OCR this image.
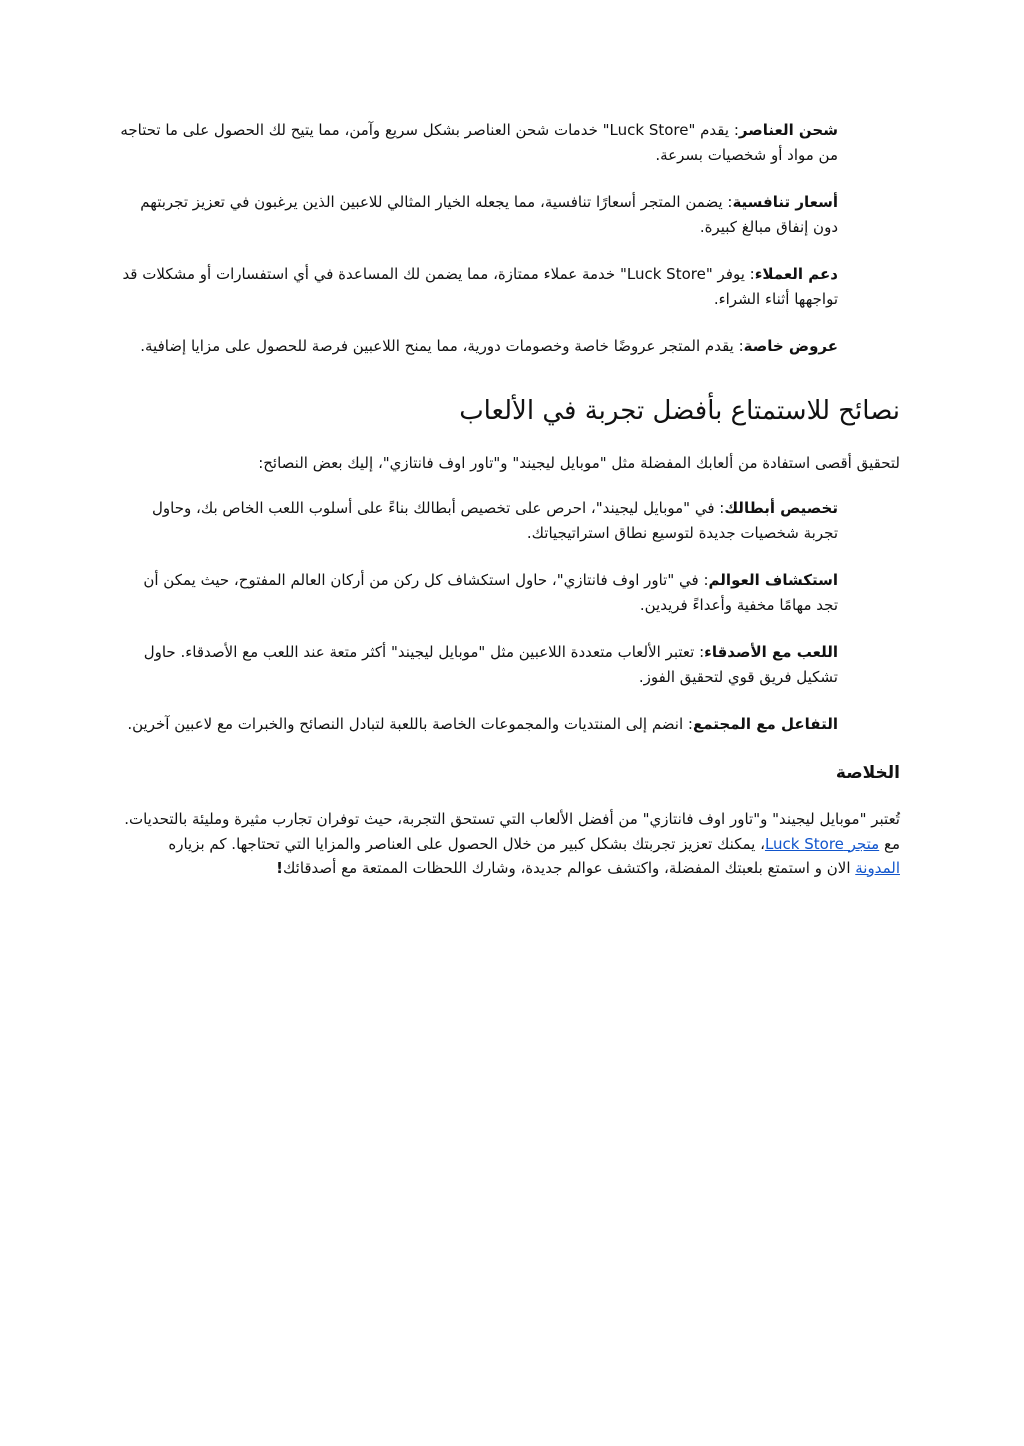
شحن العناصر: يقدم "Luck Store" خدمات شحن العناصر بشكل سريع وآمن، مما يتيح لك الحصول على ما تحتاجه من مواد أو شخصيات بسرعة.
أسعار تنافسية: يضمن المتجر أسعارًا تنافسية، مما يجعله الخيار المثالي للاعبين الذين يرغبون في تعزيز تجربتهم دون إنفاق مبالغ كبيرة.
دعم العملاء: يوفر "Luck Store" خدمة عملاء ممتازة، مما يضمن لك المساعدة في أي استفسارات أو مشكلات قد تواجهها أثناء الشراء.
عروض خاصة: يقدم المتجر عروضًا خاصة وخصومات دورية، مما يمنح اللاعبين فرصة للحصول على مزايا إضافية.
نصائح للاستمتاع بأفضل تجربة في الألعاب

لتحقيق أقصى استفادة من ألعابك المفضلة مثل "موبايل ليجيند" و"تاور اوف فانتازي"، إليك بعض النصائح:

تخصيص أبطالك: في "موبايل ليجيند"، احرص على تخصيص أبطالك بناءً على أسلوب اللعب الخاص بك، وحاول تجربة شخصيات جديدة لتوسيع نطاق استراتيجياتك.
استكشاف العوالم: في "تاور اوف فانتازي"، حاول استكشاف كل ركن من أركان العالم المفتوح، حيث يمكن أن تجد مهامًا مخفية وأعداءً فريدين.
اللعب مع الأصدقاء: تعتبر الألعاب متعددة اللاعبين مثل "موبايل ليجيند" أكثر متعة عند اللعب مع الأصدقاء. حاول تشكيل فريق قوي لتحقيق الفوز.
التفاعل مع المجتمع: انضم إلى المنتديات والمجموعات الخاصة باللعبة لتبادل النصائح والخبرات مع لاعبين آخرين.
الخلاصة

تُعتبر "موبايل ليجيند" و"تاور اوف فانتازي" من أفضل الألعاب التي تستحق التجربة، حيث توفران تجارب مثيرة ومليئة بالتحديات. مع متجر Luck Store، يمكنك تعزيز تجربتك بشكل كبير من خلال الحصول على العناصر والمزايا التي تحتاجها. كم بزياره المدونة الان و استمتع بلعبتك المفضلة، واكتشف عوالم جديدة، وشارك اللحظات الممتعة مع أصدقائك!
